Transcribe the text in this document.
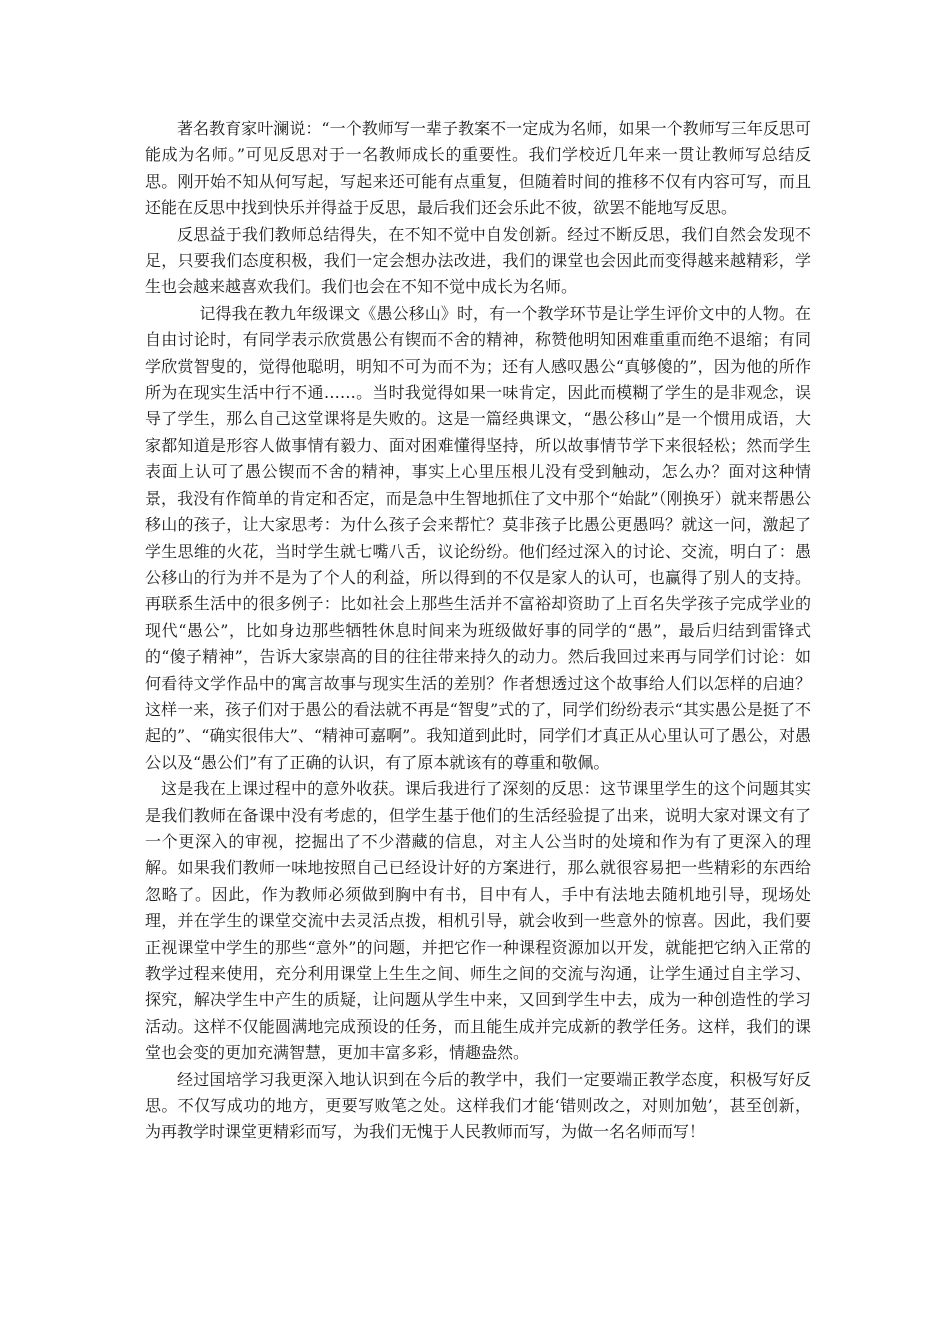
著名教育家叶澜说：“一个教师写一辈子教案不一定成为名师，如果一个教师写三年反思可能成为名师。”可见反思对于一名教师成长的重要性。我们学校近几年来一贯让教师写总结反思。刚开始不知从何写起，写起来还可能有点重复，但随着时间的推移不仅有内容可写，而且还能在反思中找到快乐并得益于反思，最后我们还会乐此不彼，欲罢不能地写反思。

反思益于我们教师总结得失，在不知不觉中自发创新。经过不断反思，我们自然会发现不足，只要我们态度积极，我们一定会想办法改进，我们的课堂也会因此而变得越来越精彩，学生也会越来越喜欢我们。我们也会在不知不觉中成长为名师。

记得我在教九年级课文《愚公移山》时，有一个教学环节是让学生评价文中的人物。在自由讨论时，有同学表示欣赏愚公有锲而不舍的精神，称赞他明知困难重重而绝不退缩；有同学欣赏智叟的，觉得他聪明，明知不可为而不为；还有人感叹愚公“真够傻的”，因为他的所作所为在现实生活中行不通……。当时我觉得如果一味肯定，因此而模糊了学生的是非观念，误导了学生，那么自己这堂课将是失败的。这是一篇经典课文，“愚公移山”是一个惯用成语，大家都知道是形容人做事情有毅力、面对困难懂得坚持，所以故事情节学下来很轻松；然而学生表面上认可了愚公锲而不舍的精神，事实上心里压根儿没有受到触动，怎么办？面对这种情景，我没有作简单的肯定和否定，而是急中生智地抓住了文中那个“始龀”（刚换牙）就来帮愚公移山的孩子，让大家思考：为什么孩子会来帮忙？莫非孩子比愚公更愚吗？就这一问，激起了学生思维的火花，当时学生就七嘴八舌，议论纷纷。他们经过深入的讨论、交流，明白了：愚公移山的行为并不是为了个人的利益，所以得到的不仅是家人的认可，也赢得了别人的支持。再联系生活中的很多例子：比如社会上那些生活并不富裕却资助了上百名失学孩子完成学业的现代“愚公”，比如身边那些牺牲休息时间来为班级做好事的同学的“愚”，最后归结到雷锋式的“傻子精神”，告诉大家崇高的目的往往带来持久的动力。然后我回过来再与同学们讨论：如何看待文学作品中的寓言故事与现实生活的差别？作者想透过这个故事给人们以怎样的启迪？这样一来，孩子们对于愚公的看法就不再是“智叟”式的了，同学们纷纷表示“其实愚公是挺了不起的”、“确实很伟大”、“精神可嘉啊”。我知道到此时，同学们才真正从心里认可了愚公，对愚公以及“愚公们”有了正确的认识，有了原本就该有的尊重和敬佩。

这是我在上课过程中的意外收获。课后我进行了深刻的反思：这节课里学生的这个问题其实是我们教师在备课中没有考虑的，但学生基于他们的生活经验提了出来，说明大家对课文有了一个更深入的审视，挖掘出了不少潜藏的信息，对主人公当时的处境和作为有了更深入的理解。如果我们教师一味地按照自己已经设计好的方案进行，那么就很容易把一些精彩的东西给忽略了。因此，作为教师必须做到胸中有书，目中有人，手中有法地去随机地引导，现场处理，并在学生的课堂交流中去灵活点拨，相机引导，就会收到一些意外的惊喜。因此，我们要正视课堂中学生的那些“意外”的问题，并把它作一种课程资源加以开发，就能把它纳入正常的教学过程来使用，充分利用课堂上生生之间、师生之间的交流与沟通，让学生通过自主学习、探究，解决学生中产生的质疑，让问题从学生中来，又回到学生中去，成为一种创造性的学习活动。这样不仅能圆满地完成预设的任务，而且能生成并完成新的教学任务。这样，我们的课堂也会变的更加充满智慧，更加丰富多彩，情趣盎然。

经过国培学习我更深入地认识到在今后的教学中，我们一定要端正教学态度，积极写好反思。不仅写成功的地方，更要写败笔之处。这样我们才能‘错则改之，对则加勉’，甚至创新，为再教学时课堂更精彩而写，为我们无愧于人民教师而写，为做一名名师而写！
